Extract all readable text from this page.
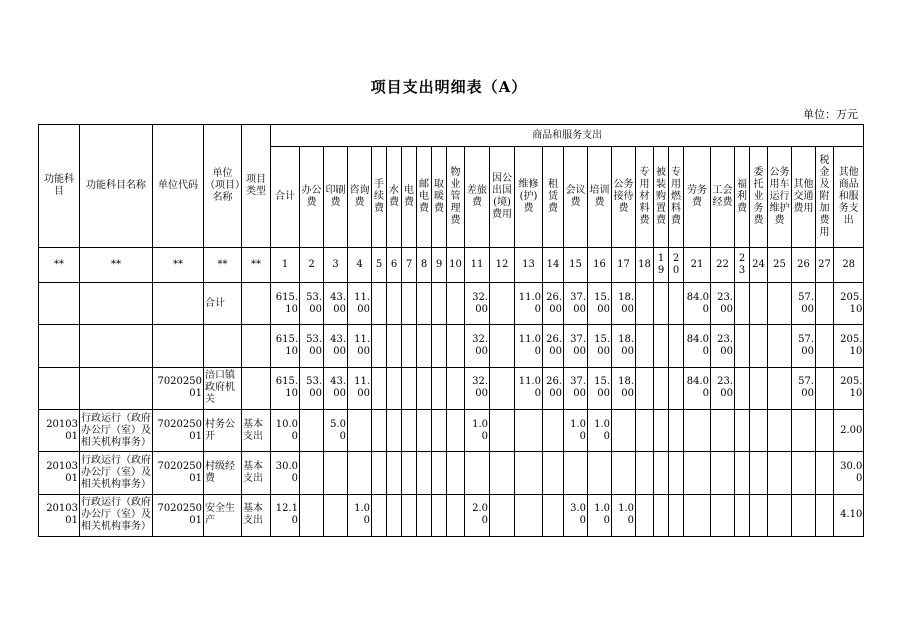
项目支出明细表（A）
单位：万元
功能科目	功能科目名称	单位代码	单位（项目）名称	项目类型	商品和服务支出																											
					合计	办公费	印刷费	咨询费	手续费	水费	电费	邮电费	取暖费	物业管理费	差旅费	因公出国(境)费用	维修(护)费	租赁费	会议费	培训费	公务接待费	专用材料费	被装购置费	专用燃料费	劳务费	工会经费	福利费	委托业务费	公务用车运行维护费	其他交通费用	税金及附加费用	其他商品和服务支出
**	**	**	**	**	1	2	3	4	5	6	7	8	9	10	11	12	13	14	15	16	17	18	19	20	21	22	23	24	25	26	27	28
			合计		615.10	53.00	43.00	11.00							32.00		11.00	26.00	37.00	15.00	18.00				84.00	23.00				57.00		205.10
					615.10	53.00	43.00	11.00							32.00		11.00	26.00	37.00	15.00	18.00				84.00	23.00				57.00		205.10
		702025001	涪口镇政府机关		615.10	53.00	43.00	11.00							32.00		11.00	26.00	37.00	15.00	18.00				84.00	23.00				57.00		205.10
2010301	行政运行（政府办公厅（室）及相关机构事务）	702025001	村务公开	基本支出	10.00		5.00								1.00				1.00	1.00												2.00
2010301	行政运行（政府办公厅（室）及相关机构事务）	702025001	村级经费	基本支出	30.00																											30.00
2010301	行政运行（政府办公厅（室）及相关机构事务）	702025001	安全生产	基本支出	12.10			1.00							2.00				3.00	1.00	1.00											4.10
